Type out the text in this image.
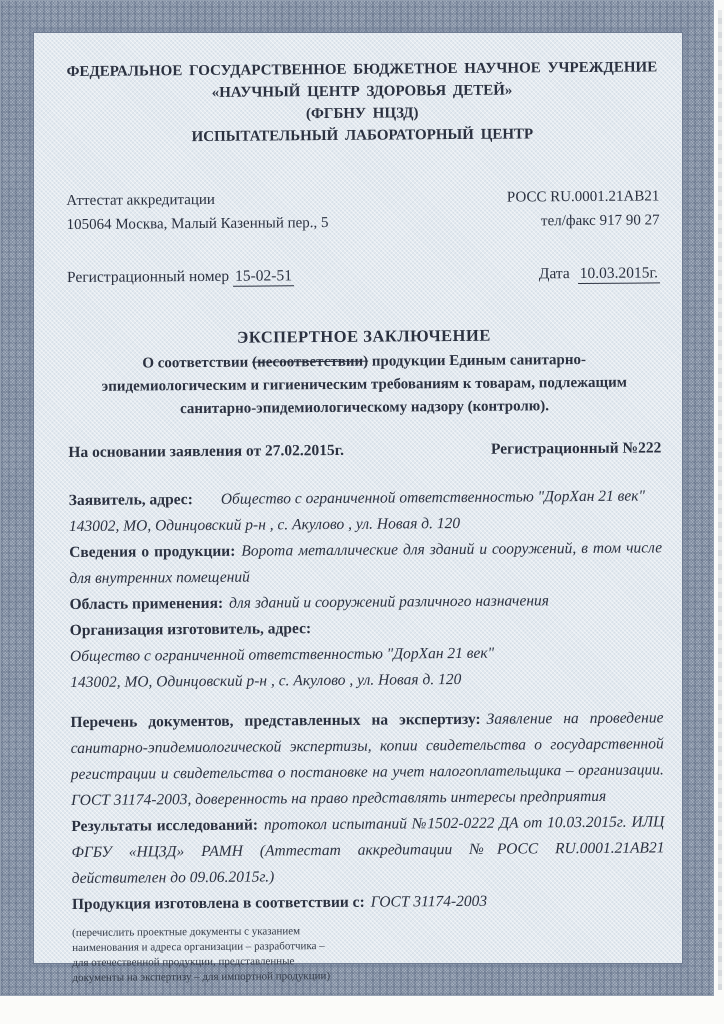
ФЕДЕРАЛЬНОЕ ГОСУДАРСТВЕННОЕ БЮДЖЕТНОЕ НАУЧНОЕ УЧРЕЖДЕНИЕ
«НАУЧНЫЙ ЦЕНТР ЗДОРОВЬЯ ДЕТЕЙ»
(ФГБНУ НЦЗД)
ИСПЫТАТЕЛЬНЫЙ ЛАБОРАТОРНЫЙ ЦЕНТР
Аттестат аккредитации
105064 Москва, Малый Казенный пер., 5
РОСС RU.0001.21АВ21
тел/факс 917 90 27
Регистрационный номер 15-02-51	Дата 10.03.2015г.
ЭКСПЕРТНОЕ ЗАКЛЮЧЕНИЕ
О соответствии (несоответствии) продукции Единым санитарно-
эпидемиологическим и гигиеническим требованиям к товарам, подлежащим
санитарно-эпидемиологическому надзору (контролю).
На основании заявления от 27.02.2015г.	Регистрационный №222

Заявитель, адрес: Общество с ограниченной ответственностью "ДорХан 21 век"

143002, МО, Одинцовский р-н , с. Акулово , ул. Новая д. 120

Сведения о продукции: Ворота металлические для зданий и сооружений, в том числе для внутренних помещений

Область применения: для зданий и сооружений различного назначения

Организация изготовитель, адрес:

Общество с ограниченной ответственностью "ДорХан 21 век"

143002, МО, Одинцовский р-н , с. Акулово , ул. Новая д. 120

Перечень документов, представленных на экспертизу: Заявление на проведение санитарно-эпидемиологической экспертизы, копии свидетельства о государственной регистрации и свидетельства о постановке на учет налогоплательщика – организации. ГОСТ 31174-2003, доверенность на право представлять интересы предприятия

Результаты исследований: протокол испытаний №1502-0222 ДА от 10.03.2015г. ИЛЦ ФГБУ «НЦЗД» РАМН (Аттестат аккредитации №РОСС RU.0001.21АВ21 действителен до 09.06.2015г.)

Продукция изготовлена в соответствии с: ГОСТ 31174-2003

(перечислить проектные документы с указанием
наименования и адреса организации – разработчика –
для отечественной продукции, представленные
документы на экспертизу – для импортной продукции)
